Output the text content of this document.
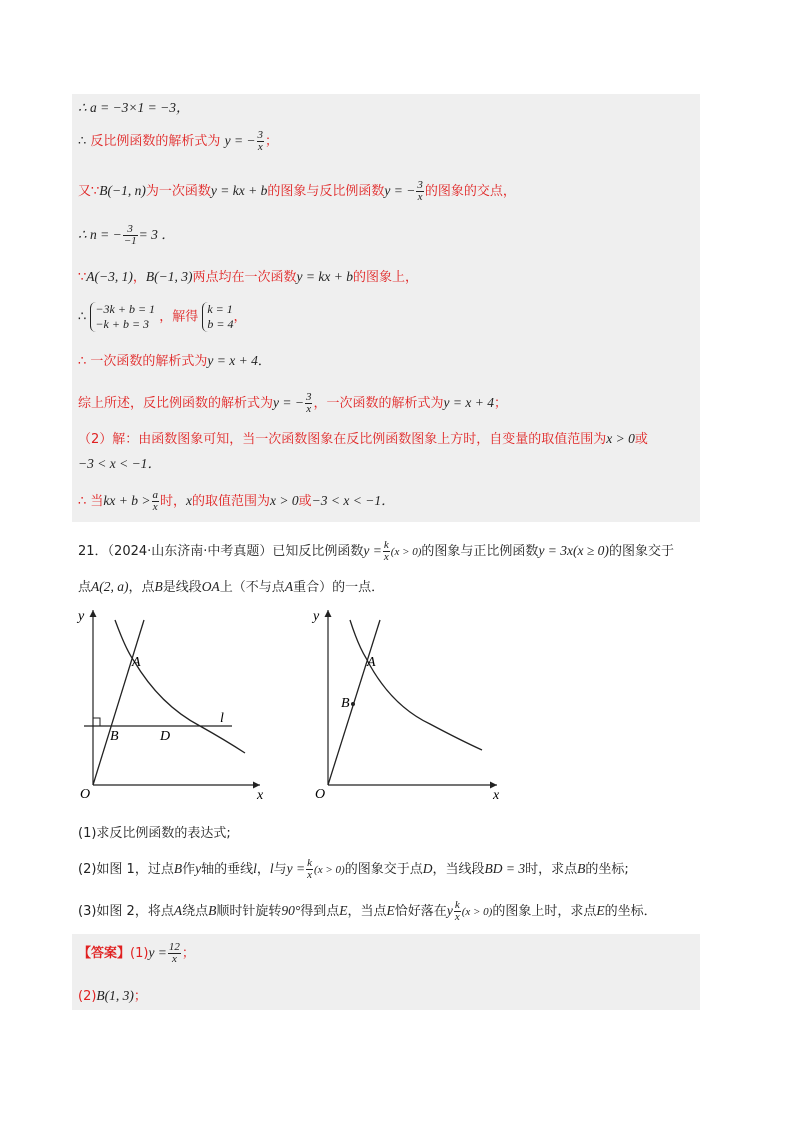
∴ a = −3×1 = −3，
∴ 反比例函数的解析式为 y = − $\frac{3}{x}$ ；
又∵B(−1, n)为一次函数y = kx + b的图象与反比例函数y = − $\frac{3}{x}$ 的图象的交点，
∴ n = − $\frac{3}{-1} = 3$ ．
∵A(−3, 1)，B(−1, 3)两点均在一次函数y = kx + b的图象上，
∴
−3k + b = 1
−k + b = 3 ，解得
k = 1
b = 4 ，
∴ 一次函数的解析式为y = x + 4．
综上所述，反比例函数的解析式为y = − $\frac{3}{x}$ ，一次函数的解析式为y = x + 4；
（2）解：由函数图象可知，当一次函数图象在反比例函数图象上方时，自变量的取值范围为x > 0或
−3 < x < −1．
∴ 当kx + $b > \frac{a}{x}$ 时，x的取值范围为x > 0或−3 < x < −1．
21．（2024·山东济南·中考真题）已知反比例函数$y = \frac{k}{x} (x > 0)$的图象与正比例函数y = 3x(x ≥ 0)的图象交于
点A(2, a)，点B是线段OA上（不与点A重合）的一点．
y
x
O
A
B	D
l
y
x
O
A
B
(1)求反比例函数的表达式;
(2)如图 1，过点B作y轴的垂线l，l与$y = \frac{k}{x} (x > 0)$的图象交于点D，当线段BD = 3时，求点B的坐标;
(3)如图 2，将点A绕点B顺时针旋转90°得到点E，当点E恰好落在y $\frac{k}{x} (x > 0)$的图象上时，求点E的坐标．
【答案】$(1)y = \frac{12}{x}$ ；
(2)B(1, 3)；
